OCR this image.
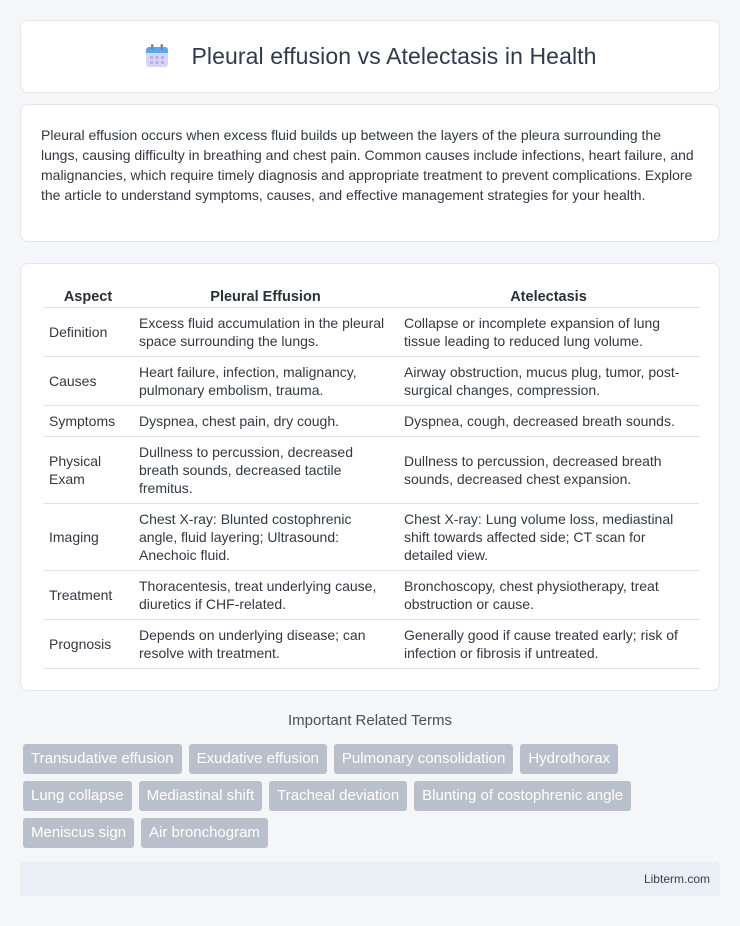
Pleural effusion vs Atelectasis in Health

Pleural effusion occurs when excess fluid builds up between the layers of the pleura surrounding the lungs, causing difficulty in breathing and chest pain. Common causes include infections, heart failure, and malignancies, which require timely diagnosis and appropriate treatment to prevent complications. Explore the article to understand symptoms, causes, and effective management strategies for your health.

Aspect	Pleural Effusion	Atelectasis
Definition	Excess fluid accumulation in the pleural space surrounding the lungs.	Collapse or incomplete expansion of lung tissue leading to reduced lung volume.
Causes	Heart failure, infection, malignancy, pulmonary embolism, trauma.	Airway obstruction, mucus plug, tumor, post-surgical changes, compression.
Symptoms	Dyspnea, chest pain, dry cough.	Dyspnea, cough, decreased breath sounds.
Physical Exam	Dullness to percussion, decreased breath sounds, decreased tactile fremitus.	Dullness to percussion, decreased breath sounds, decreased chest expansion.
Imaging	Chest X-ray: Blunted costophrenic angle, fluid layering; Ultrasound: Anechoic fluid.	Chest X-ray: Lung volume loss, mediastinal shift towards affected side; CT scan for detailed view.
Treatment	Thoracentesis, treat underlying cause, diuretics if CHF-related.	Bronchoscopy, chest physiotherapy, treat obstruction or cause.
Prognosis	Depends on underlying disease; can resolve with treatment.	Generally good if cause treated early; risk of infection or fibrosis if untreated.
Important Related Terms
Transudative effusion	Exudative effusion	Pulmonary consolidation	Hydrothorax
Lung collapse	Mediastinal shift	Tracheal deviation	Blunting of costophrenic angle
Meniscus sign	Air bronchogram
Libterm.com
